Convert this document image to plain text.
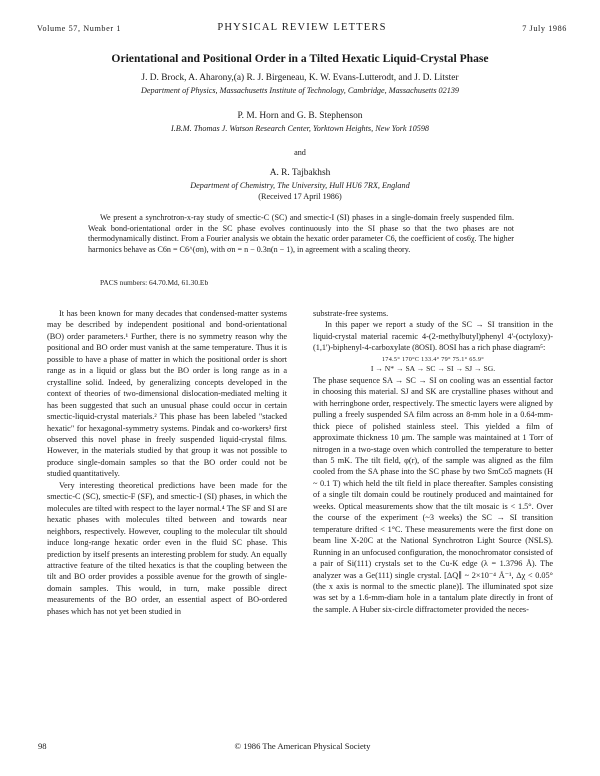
Volume 57, Number 1	PHYSICAL REVIEW LETTERS	7 July 1986
Orientational and Positional Order in a Tilted Hexatic Liquid-Crystal Phase
J. D. Brock, A. Aharony,(a) R. J. Birgeneau, K. W. Evans-Lutterodt, and J. D. Litster
Department of Physics, Massachusetts Institute of Technology, Cambridge, Massachusetts 02139
P. M. Horn and G. B. Stephenson
I.B.M. Thomas J. Watson Research Center, Yorktown Heights, New York 10598
and
A. R. Tajbakhsh
Department of Chemistry, The University, Hull HU6 7RX, England
(Received 17 April 1986)

We present a synchrotron-x-ray study of smectic-C (SC) and smectic-I (SI) phases in a single-domain freely suspended film. Weak bond-orientational order in the SC phase evolves continuously into the SI phase so that the two phases are not thermodynamically distinct. From a Fourier analysis we obtain the hexatic order parameter C6, the coefficient of cos6χ. The higher harmonics behave as C6n = C6^(σn), with σn = n − 0.3n(n − 1), in agreement with a scaling theory.

PACS numbers: 64.70.Md, 61.30.Eb

It has been known for many decades that condensed-matter systems may be described by independent positional and bond-orientational (BO) order parameters.¹ Further, there is no symmetry reason why the positional and BO order must vanish at the same temperature. Thus it is possible to have a phase of matter in which the positional order is short range as in a liquid or glass but the BO order is long range as in a crystalline solid. Indeed, by generalizing concepts developed in the context of theories of two-dimensional dislocation-mediated melting it has been suggested that such an unusual phase could occur in certain smectic-liquid-crystal materials.² This phase has been labeled "stacked hexatic" for hexagonal-symmetry systems. Pindak and co-workers³ first observed this novel phase in freely suspended liquid-crystal films. However, in the materials studied by that group it was not possible to produce single-domain samples so that the BO order could not be studied quantitatively.

Very interesting theoretical predictions have been made for the smectic-C (SC), smectic-F (SF), and smectic-I (SI) phases, in which the molecules are tilted with respect to the layer normal.⁴ The SF and SI are hexatic phases with molecules tilted between and towards near neighbors, respectively. However, coupling to the molecular tilt should induce long-range hexatic order even in the fluid SC phase. This prediction by itself presents an interesting problem for study. An equally attractive feature of the tilted hexatics is that the coupling between the tilt and BO order provides a possible avenue for the growth of single-domain samples. This would, in turn, make possible direct measurements of the BO order, an essential aspect of BO-ordered phases which has not yet been studied in

substrate-free systems.

In this paper we report a study of the SC → SI transition in the liquid-crystal material racemic 4-(2-methylbutyl)phenyl 4'-(octyloxy)-(1,1')-biphenyl-4-carboxylate (8OSI). 8OSI has a rich phase diagram⁵:

174.5° 170°C 133.4° 79° 75.1° 65.9°
I → N* → SA → SC → SI → SJ → SG.

The phase sequence SA → SC → SI on cooling was an essential factor in choosing this material. SJ and SK are crystalline phases without and with herringbone order, respectively. The smectic layers were aligned by pulling a freely suspended SA film across an 8-mm hole in a 0.64-mm-thick piece of polished stainless steel. This yielded a film of approximate thickness 10 μm. The sample was maintained at 1 Torr of nitrogen in a two-stage oven which controlled the temperature to better than 5 mK. The tilt field, φ(r), of the sample was aligned as the film cooled from the SA phase into the SC phase by two SmCo5 magnets (H ~ 0.1 T) which held the tilt field in place thereafter. Samples consisting of a single tilt domain could be routinely produced and maintained for weeks. Optical measurements show that the tilt mosaic is < 1.5°. Over the course of the experiment (~3 weeks) the SC → SI transition temperature drifted < 1°C. These measurements were the first done on beam line X-20C at the National Synchrotron Light Source (NSLS). Running in an unfocused configuration, the monochromator consisted of a pair of Si(111) crystals set to the Cu-K edge (λ = 1.3796 Å). The analyzer was a Ge(111) single crystal. [ΔQ∥ ~ 2×10⁻⁴ Å⁻¹, Δχ < 0.05° (the x axis is normal to the smectic plane)]. The illuminated spot size was set by a 1.6-mm-diam hole in a tantalum plate directly in front of the sample. A Huber six-circle diffractometer provided the neces-

98	© 1986 The American Physical Society
